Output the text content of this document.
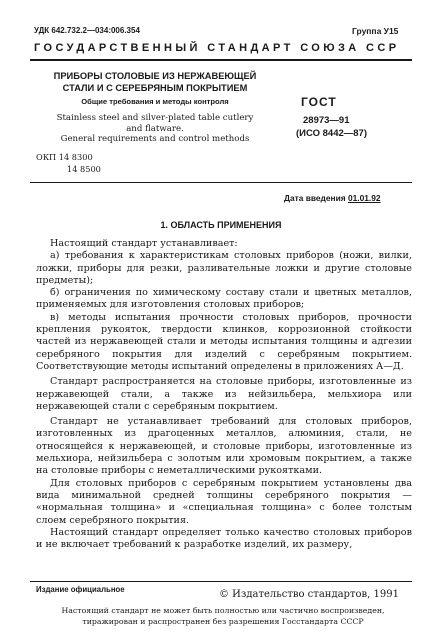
УДК 642.732.2—034:006.354	Группа У15
ГОСУДАРСТВЕННЫЙ СТАНДАРТ СОЮЗА ССР
ПРИБОРЫ СТОЛОВЫЕ ИЗ НЕРЖАВЕЮЩЕЙ
СТАЛИ И С СЕРЕБРЯНЫМ ПОКРЫТИЕМ
Общие требования и методы контроля
Stainless steel and silver-plated table cutlery
and flatware.
General requirements and control methods
ГОСТ
28973—91
(ИСО 8442—87)
ОКП 14 8300
14 8500
Дата введения 01.01.92
1. ОБЛАСТЬ ПРИМЕНЕНИЯ

Настоящий стандарт устанавливает:

а) требования к характеристикам столовых приборов (ножи, вилки, ложки, приборы для резки, разливательные ложки и другие столовые предметы);

б) ограничения по химическому составу стали и цветных металлов, применяемых для изготовления столовых приборов;

в) методы испытания прочности столовых приборов, прочности крепления рукояток, твердости клинков, коррозионной стойкости частей из нержавеющей стали и методы испытания толщины и адгезии серебряного покрытия для изделий с серебряным покрытием. Соответствующие методы испытаний определены в приложениях А—Д.

Стандарт распространяется на столовые приборы, изготовленные из нержавеющей стали, а также из нейзильбера, мельхиора или нержавеющей стали с серебряным покрытием.

Стандарт не устанавливает требований для столовых приборов, изготовленных из драгоценных металлов, алюминия, стали, не относящейся к нержавеющей, и столовые приборы, изготовленные из мельхиора, нейзильбера с золотым или хромовым покрытием, а также на столовые приборы с неметаллическими рукоятками.

Для столовых приборов с серебряным покрытием установлены два вида минимальной средней толщины серебряного покрытия — «нормальная толщина» и «специальная толщина» с более толстым слоем серебряного покрытия.

Настоящий стандарт определяет только качество столовых приборов и не включает требований к разработке изделий, их размеру,

Издание официальное	© Издательство стандартов, 1991
Настоящий стандарт не может быть полностью или частично воспроизведен,
тиражирован и распространен без разрешения Госстандарта СССР
